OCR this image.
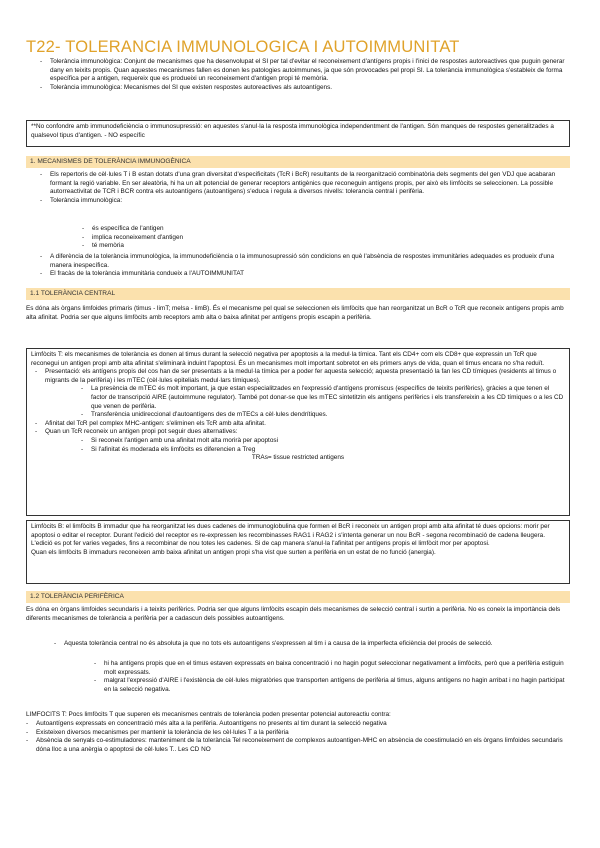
T22- TOLERANCIA IMMUNOLOGICA I AUTOIMMUNITAT
- Tolerància immunològica: Conjunt de mecanismes que ha desenvolupat el SI per tal d'evitar el reconeixement d'antígens propis i l'inici de respostes autoreactives que puguin generar dany en teixits propis. Quan aquestes mecanismes fallen es donen les patologies autoimmunes, ja que són provocades pel propi SI. La tolerància immunològica s'estableix de forma específica per a antigen, requereix que es produeixi un reconeixement d'antigen propi té memòria.
- Tolerància immunològica: Mecanismes del SI que existen respostes autoreactives als autoantígens.
**No confondre amb immunodeficiència o immunosupressió: en aquestes s'anul·la la resposta immunològica independentment de l'antigen. Són manques de respostes generalitzades a qualsevol tipus d'antigen. - NO específic
1. MECANISMES DE TOLERÀNCIA IMMUNOGÈNICA
- Els repertoris de cèl·lules T i B estan dotats d'una gran diversitat d'especificitats (TcR i BcR) resultants de la reorganització combinatòria dels segments del gen VDJ que acabaran formant la regió variable. En ser aleatòria, hi ha un alt potencial de generar receptors antigènics que reconeguin antígens propis, per això els limfòcits se seleccionen. La possible autorreactivitat de TCR i BCR contra els autoantígens (autoantígens) s'educa i regula a diversos nivells: tolerancia central i perifèria.
- Tolerància immunològica:
- és específica de l'antigen
- implica reconeixement d'antigen
- té memòria
- A diferència de la tolerància immunològica, la immunodeficiència o la immunosupressió són condicions en què l'absència de respostes immunitàries adequades es produeix d'una manera inespecífica.
- El fracàs de la tolerància immunitària condueix a l'AUTOIMMUNITAT
1.1 TOLERÀNCIA CENTRAL
Es dóna als òrgans limfoides primaris (timus - limT; melsa - limB). És el mecanisme pel qual se seleccionen els limfòcits que han reorganitzat un BcR o TcR que reconeix antígens propis amb alta afinitat. Podria ser que alguns limfòcits amb receptors amb alta o baixa afinitat per antígens propis escapin a perifèria.
Limfòcits T: els mecanismes de tolerància es donen al timus durant la selecció negativa per apoptosis a la medul·la tímica. Tant els CD4+ com els CD8+ que expressin un TcR que reconegui un antigen propi amb alta afinitat s'eliminarà induint l'apoptosi. És un mecanismes molt important sobretot en els primers anys de vida, quan el timus encara no s'ha reduït.
- Presentació: els antígens propis del cos han de ser presentats a la medul·la tímica per a poder fer aquesta selecció; aquesta presentació la fan les CD tímiques (residents al timus o migrants de la perifèria) i les mTEC (cèl·lules epitelials medul·lars tímiques).
- La presència de mTEC és molt important, ja que estan especialitzades en l'expressió d'antígens promiscus (específics de teixits perifèrics), gràcies a que tenen el factor de transcripció AIRE (autoimmune regulator). També pot donar-se que les mTEC sintetitzin els antígens perifèrics i els transfereixin a les CD tímiques o a les CD que venen de perifèria.
- Transferència unidireccional d'autoantígens des de mTECs a cèl·lules dendrítiques.
- Afinitat del TcR pel complex MHC-antigen: s'eliminen els TcR amb alta afinitat.
- Quan un TcR reconeix un antigen propi pot seguir dues alternatives:
- Si reconeix l'antigen amb una afinitat molt alta morirà per apoptosi
- Si l'afinitat és moderada els limfòcits es diferencien a Treg
TRAs= tissue restricted antigens
Limfòcits B: el limfòcits B immadur que ha reorganitzat les dues cadenes de immunoglobulina que formen el BcR i reconeix un antigen propi amb alta afinitat té dues opcions: morir per apoptosi o editar el receptor. Durant l'edició del receptor es re-expressen les recombinasses RAG1 i RAG2 i s'intenta generar un nou BcR - segona recombinació de cadena lleugera. L'edició es pot fer varies vegades, fins a recombinar de nou totes les cadenes. Si de cap manera s'anul·la l'afinitat per antígens propis el limfòcit mor per apoptosi.
Quan els limfòcits B immadurs reconeixen amb baixa afinitat un antigen propi s'ha vist que surten a perifèria en un estat de no funció (anergia).
1.2 TOLERÀNCIA PERIFÈRICA
Es dóna en òrgans limfoides secundaris i a teixits perifèrics. Podria ser que alguns limfòcits escapin dels mecanismes de selecció central i surtin a perifèria. No es coneix la importància dels diferents mecanismes de tolerància a perifèria per a cadascun dels possibles autoantígens.
- Aquesta tolerància central no és absoluta ja que no tots els autoantígens s'expressen al tim i a causa de la imperfecta eficiència del procés de selecció.
- hi ha antígens propis que en el timus estaven expressats en baixa concentració i no hagin pogut seleccionar negativament a limfòcits, però que a perifèria estiguin molt expressats.
- malgrat l'expressió d'AIRE i l'existència de cèl·lules migratòries que transporten antígens de perifèria al timus, alguns antígens no hagin arribat i no hagin participat en la selecció negativa.
LIMFOCITS T: Pocs limfòcits T que superen els mecanismes centrals de tolerància poden presentar potencial autoreactiu contra:
- Autoantígens expressats en concentració més alta a la perifèria. Autoantígens no presents al tim durant la selecció negativa
- Existeixen diversos mecanismes per mantenir la tolerància de les cèl·lules T a la perifèria
- Absència de senyals co-estimuladores: manteniment de la tolerància Tel reconeixement de complexos autoantigen-MHC en absència de coestimulació en els òrgans limfoides secundaris dóna lloc a una anèrgia o apoptosi de cèl·lules T.. Les CD NO
